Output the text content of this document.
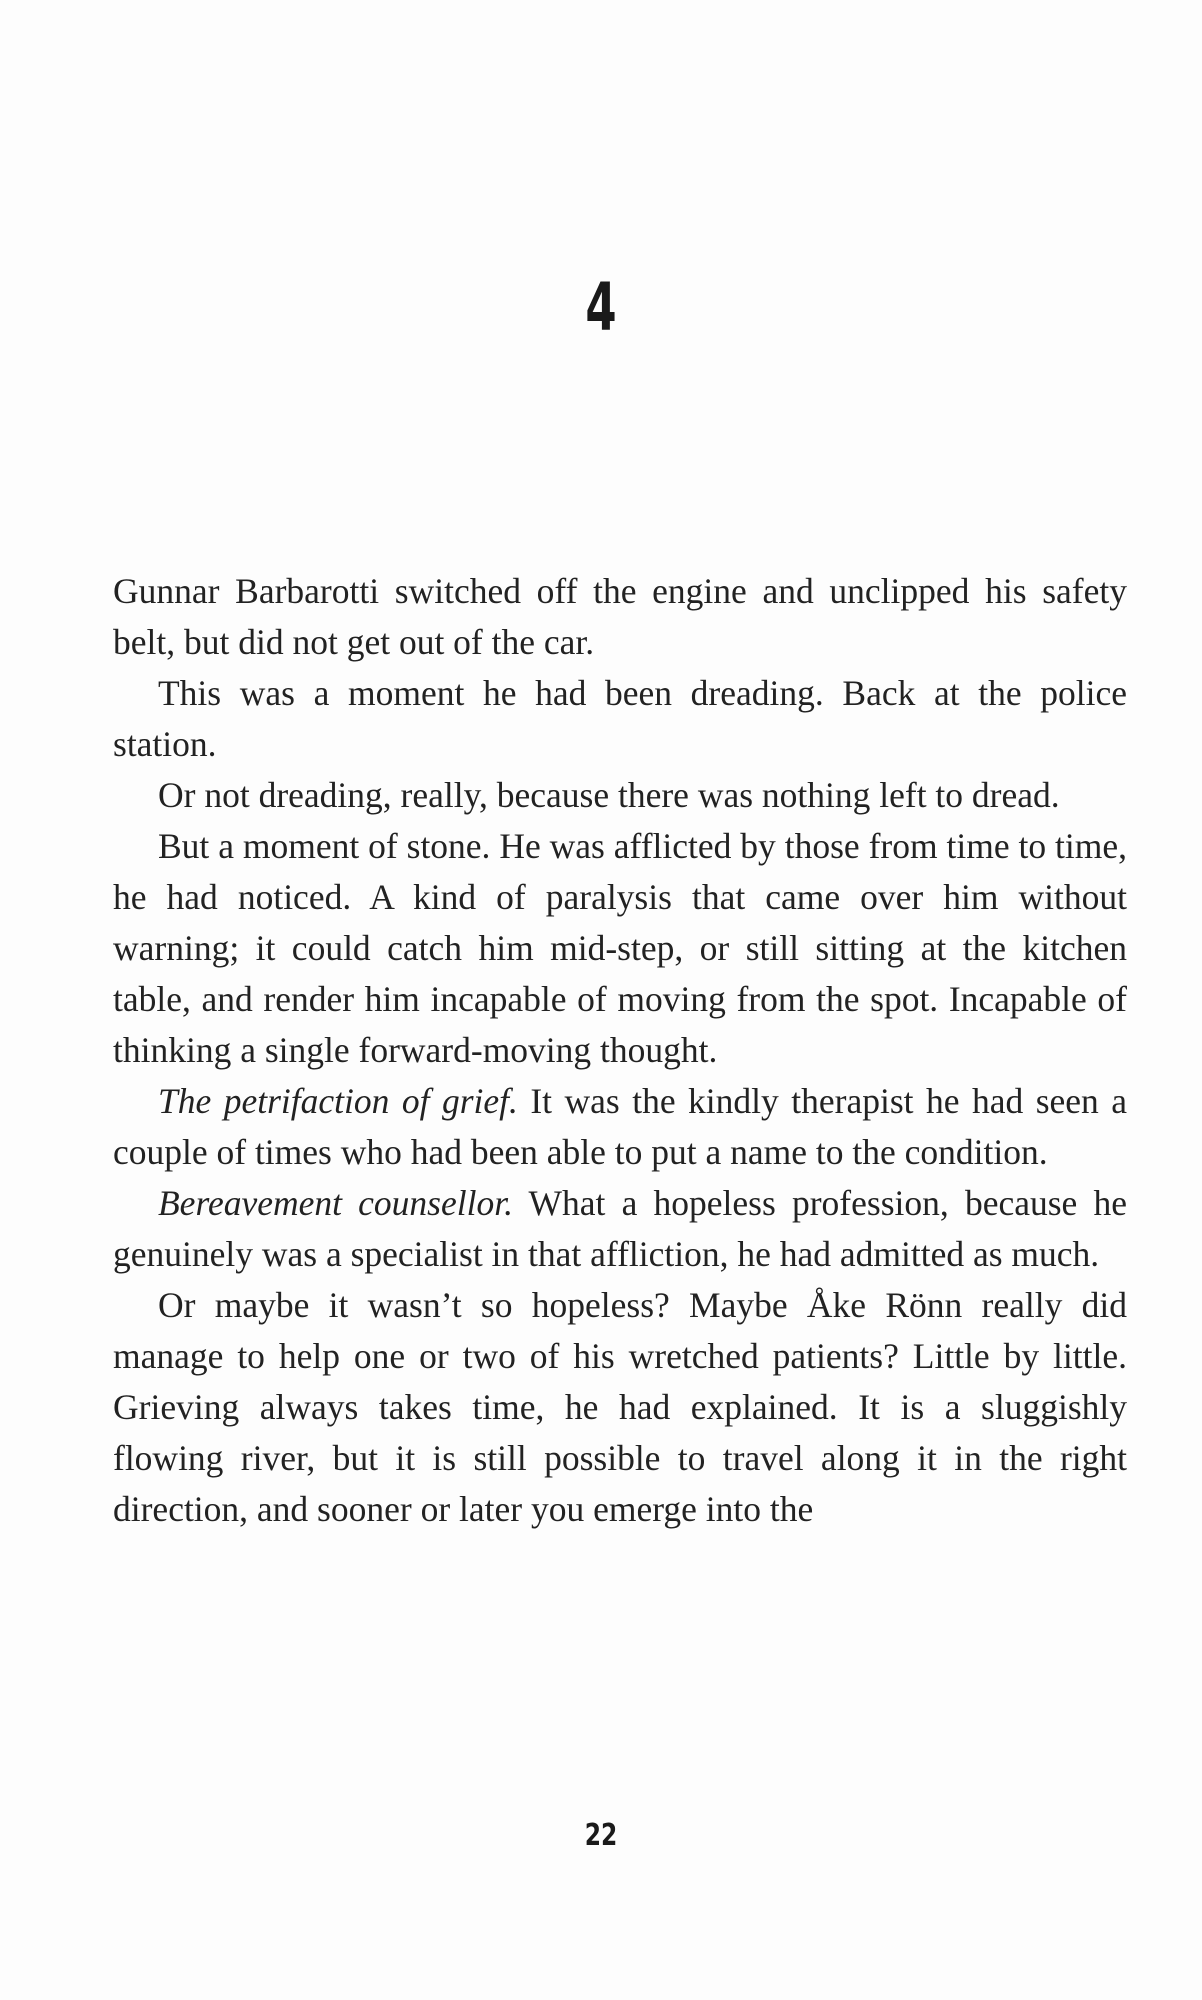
4

Gunnar Barbarotti switched off the engine and unclipped his safety belt, but did not get out of the car.

This was a moment he had been dreading. Back at the police station.

Or not dreading, really, because there was nothing left to dread.

But a moment of stone. He was afflicted by those from time to time, he had noticed. A kind of paralysis that came over him without warning; it could catch him mid-step, or still sitting at the kitchen table, and render him incapable of moving from the spot. Incapable of thinking a single forward-moving thought.

The petrifaction of grief. It was the kindly therapist he had seen a couple of times who had been able to put a name to the condition.

Bereavement counsellor. What a hopeless profession, because he genuinely was a specialist in that affliction, he had admitted as much.

Or maybe it wasn’t so hopeless? Maybe Åke Rönn really did manage to help one or two of his wretched patients? Little by little. Grieving always takes time, he had explained. It is a sluggishly flowing river, but it is still possible to travel along it in the right direction, and sooner or later you emerge into the

22
